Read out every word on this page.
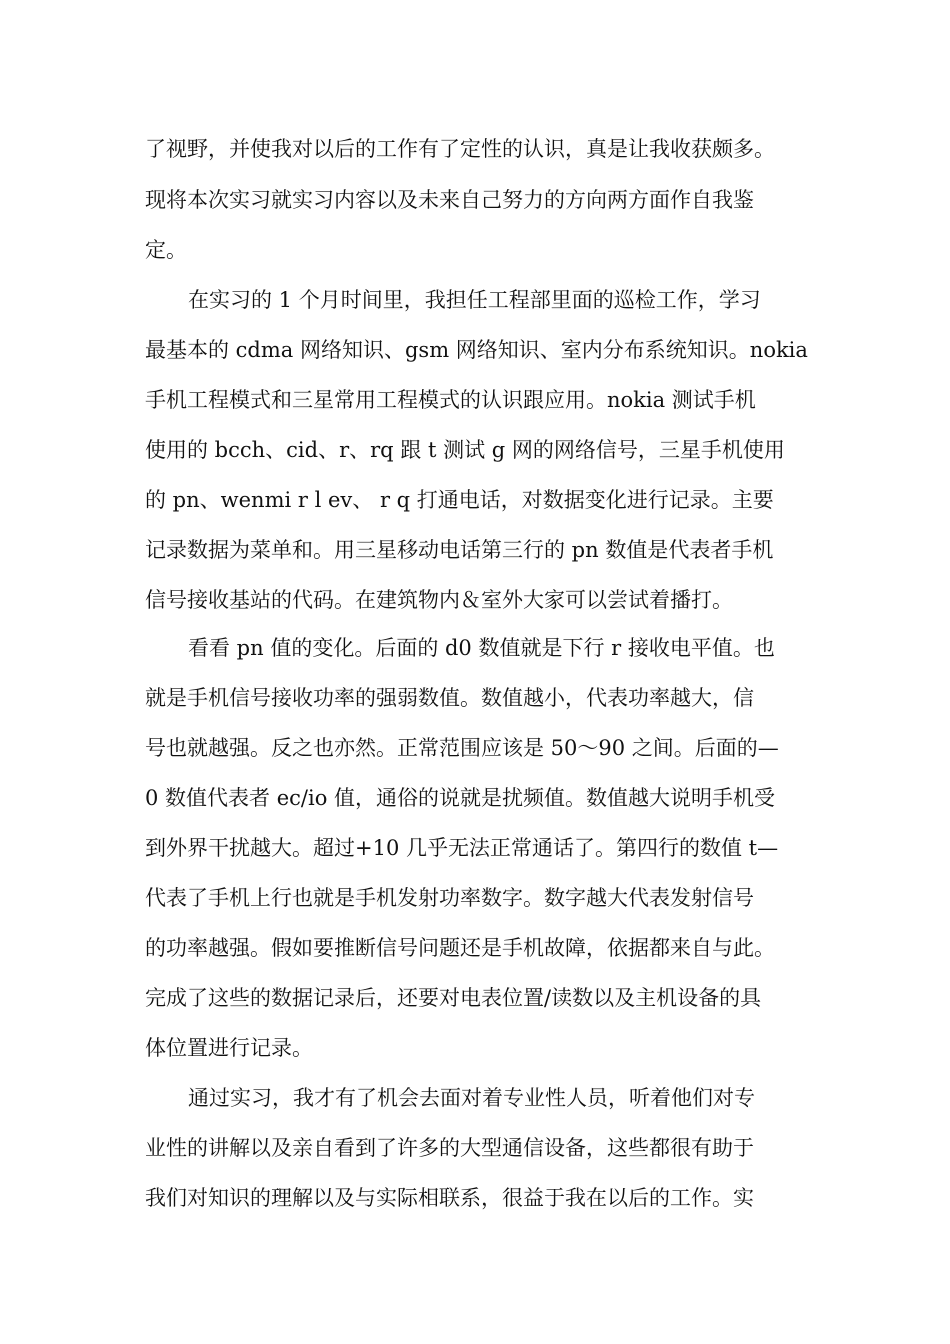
了视野，并使我对以后的工作有了定性的认识，真是让我收获颇多。
现将本次实习就实习内容以及未来自己努力的方向两方面作自我鉴
定。
在实习的 1 个月时间里，我担任工程部里面的巡检工作，学习
最基本的 cdma 网络知识、gsm 网络知识、室内分布系统知识。nokia
手机工程模式和三星常用工程模式的认识跟应用。nokia 测试手机
使用的 bcch、cid、r、rq 跟 t 测试 g 网的网络信号，三星手机使用
的 pn、wenmi r l ev、 r q 打通电话，对数据变化进行记录。主要
记录数据为菜单和。用三星移动电话第三行的 pn 数值是代表者手机
信号接收基站的代码。在建筑物内＆室外大家可以尝试着播打。
看看 pn 值的变化。后面的 d0 数值就是下行 r 接收电平值。也
就是手机信号接收功率的强弱数值。数值越小，代表功率越大，信
号也就越强。反之也亦然。正常范围应该是 50～90 之间。后面的—
0 数值代表者 ec/io 值，通俗的说就是扰频值。数值越大说明手机受
到外界干扰越大。超过+10 几乎无法正常通话了。第四行的数值 t—
代表了手机上行也就是手机发射功率数字。数字越大代表发射信号
的功率越强。假如要推断信号问题还是手机故障，依据都来自与此。
完成了这些的数据记录后，还要对电表位置/读数以及主机设备的具
体位置进行记录。
通过实习，我才有了机会去面对着专业性人员，听着他们对专
业性的讲解以及亲自看到了许多的大型通信设备，这些都很有助于
我们对知识的理解以及与实际相联系，很益于我在以后的工作。实
